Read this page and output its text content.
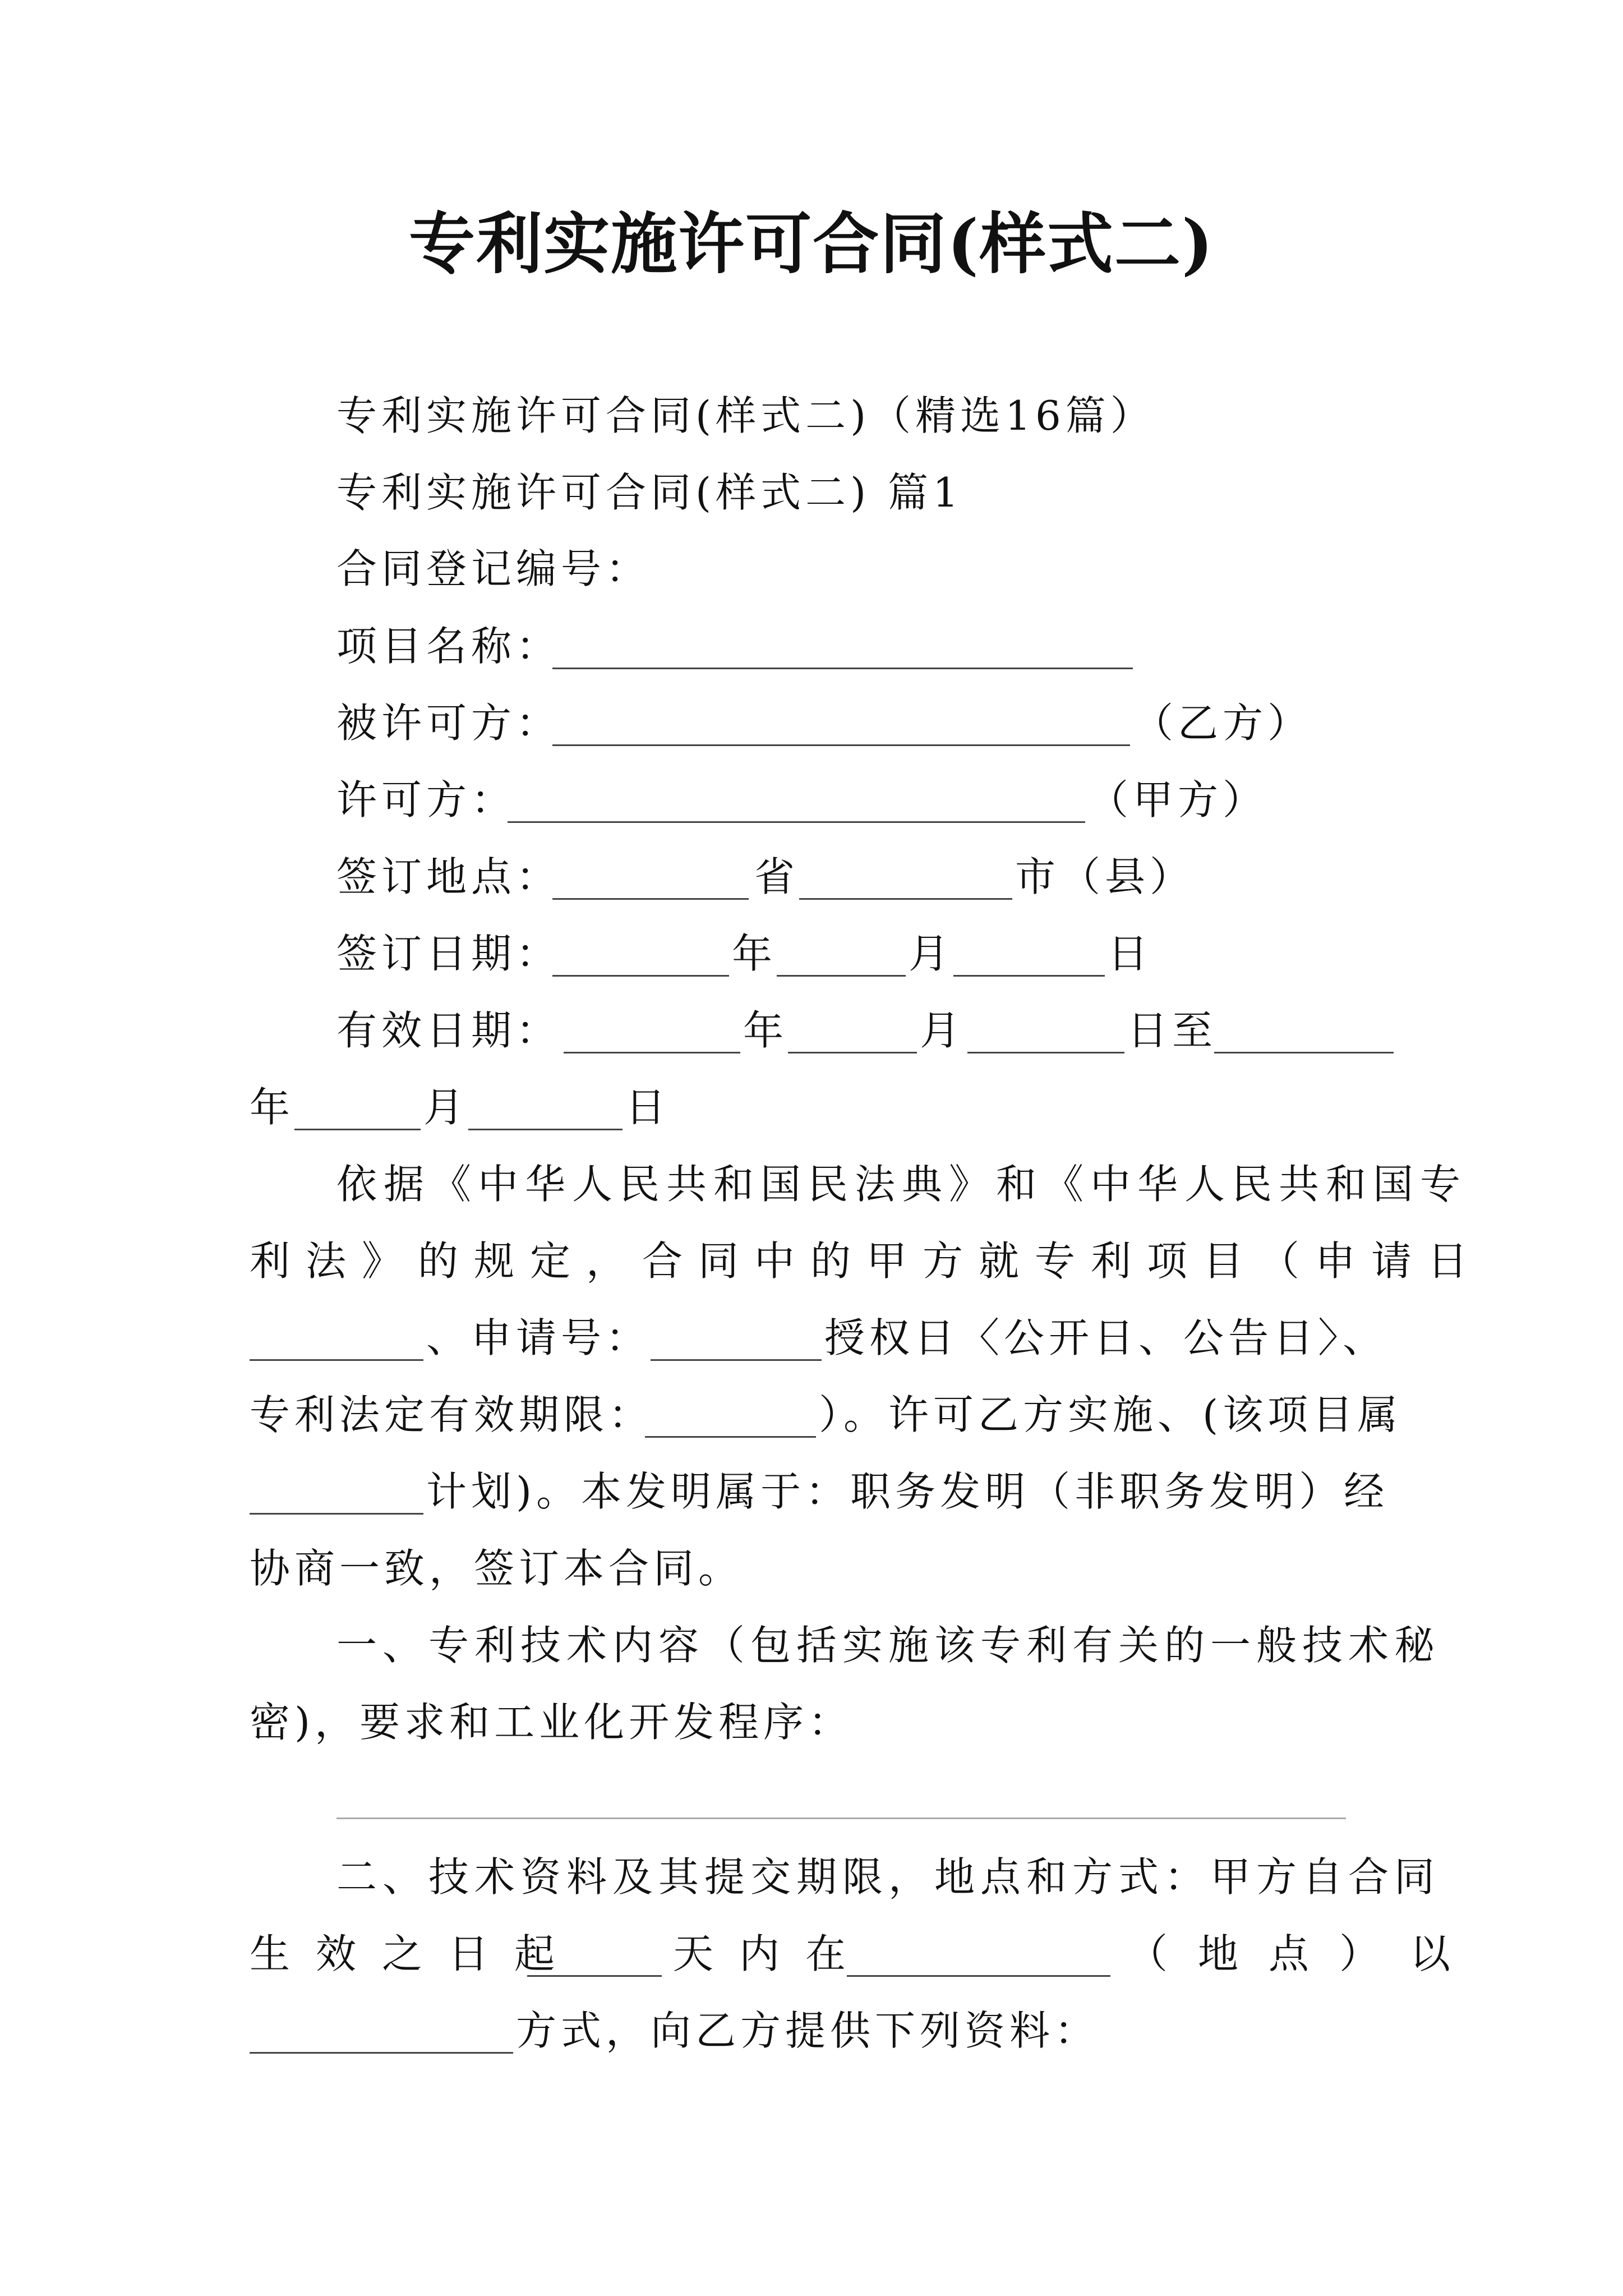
专利实施许可合同(样式二)
专利实施许可合同(样式二)（精选16篇）
专利实施许可合同(样式二) 篇1
合同登记编号：
项目名称：
被许可方：	（乙方）
许可方：	（甲方）
签订地点：	省	市（县）
签订日期：	年	月	日
有效日期：	年	月	日至
年	月	日
依据《中华人民共和国民法典》和《中华人民共和国专
利法》的规定，合同中的甲方就专利项目（申请日
、申请号：	授权日〈公开日、公告日〉、
专利法定有效期限：	）。许可乙方实施、(该项目属
计划)。本发明属于：职务发明（非职务发明）经
协商一致，签订本合同。
一、专利技术内容（包括实施该专利有关的一般技术秘
密)，要求和工业化开发程序：
二、技术资料及其提交期限，地点和方式：甲方自合同
生效之日起 天内在	（地点）以
方式，向乙方提供下列资料：
